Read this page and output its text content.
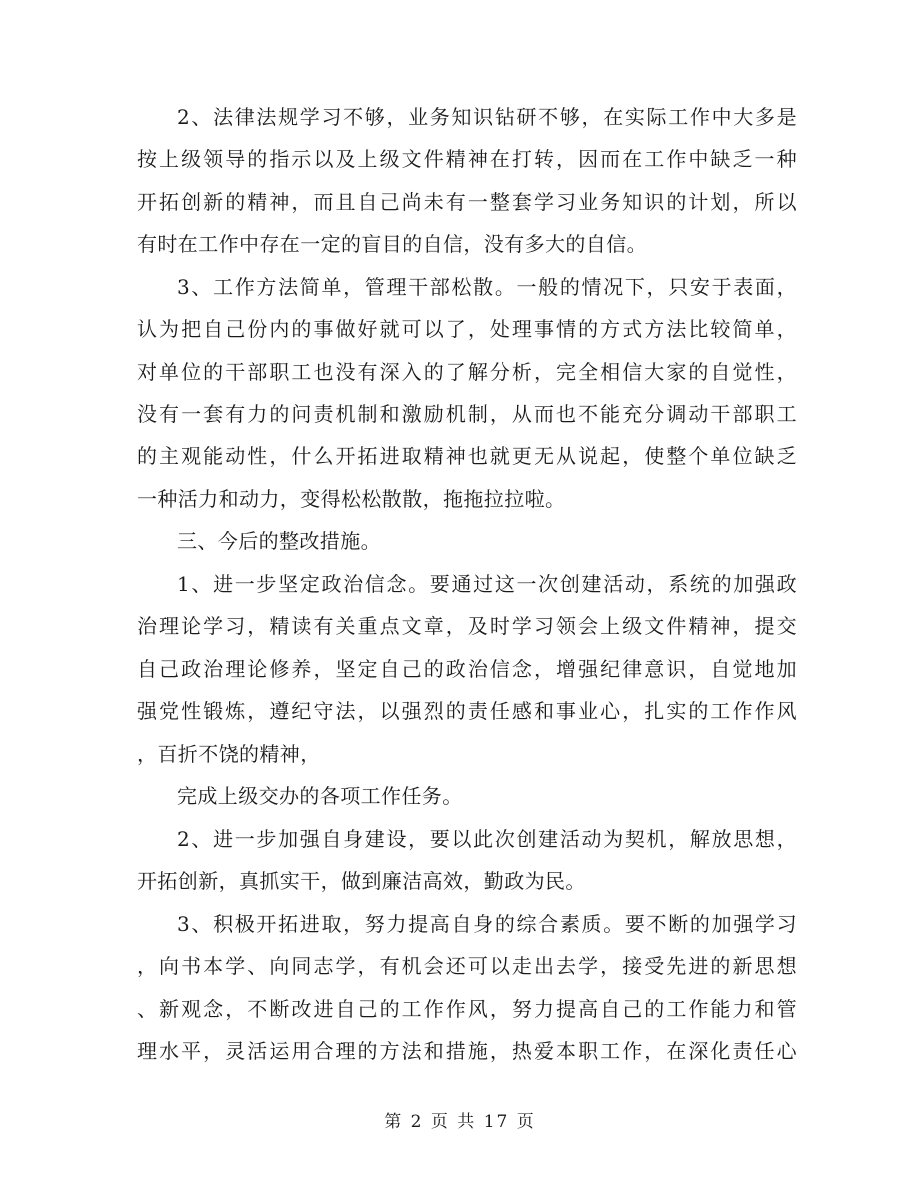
2、法律法规学习不够，业务知识钻研不够，在实际工作中大多是
按上级领导的指示以及上级文件精神在打转，因而在工作中缺乏一种
开拓创新的精神，而且自己尚未有一整套学习业务知识的计划，所以
有时在工作中存在一定的盲目的自信，没有多大的自信。
3、工作方法简单，管理干部松散。一般的情况下，只安于表面，
认为把自己份内的事做好就可以了，处理事情的方式方法比较简单，
对单位的干部职工也没有深入的了解分析，完全相信大家的自觉性，
没有一套有力的问责机制和激励机制，从而也不能充分调动干部职工
的主观能动性，什么开拓进取精神也就更无从说起，使整个单位缺乏
一种活力和动力，变得松松散散，拖拖拉拉啦。
三、今后的整改措施。
1、进一步坚定政治信念。要通过这一次创建活动，系统的加强政
治理论学习，精读有关重点文章，及时学习领会上级文件精神，提交
自己政治理论修养，坚定自己的政治信念，增强纪律意识，自觉地加
强党性锻炼，遵纪守法，以强烈的责任感和事业心，扎实的工作作风
，百折不饶的精神，
完成上级交办的各项工作任务。
2、进一步加强自身建设，要以此次创建活动为契机，解放思想，
开拓创新，真抓实干，做到廉洁高效，勤政为民。
3、积极开拓进取，努力提高自身的综合素质。要不断的加强学习
，向书本学、向同志学，有机会还可以走出去学，接受先进的新思想
、新观念，不断改进自己的工作作风，努力提高自己的工作能力和管
理水平，灵活运用合理的方法和措施，热爱本职工作，在深化责任心
第 2 页 共 17 页
